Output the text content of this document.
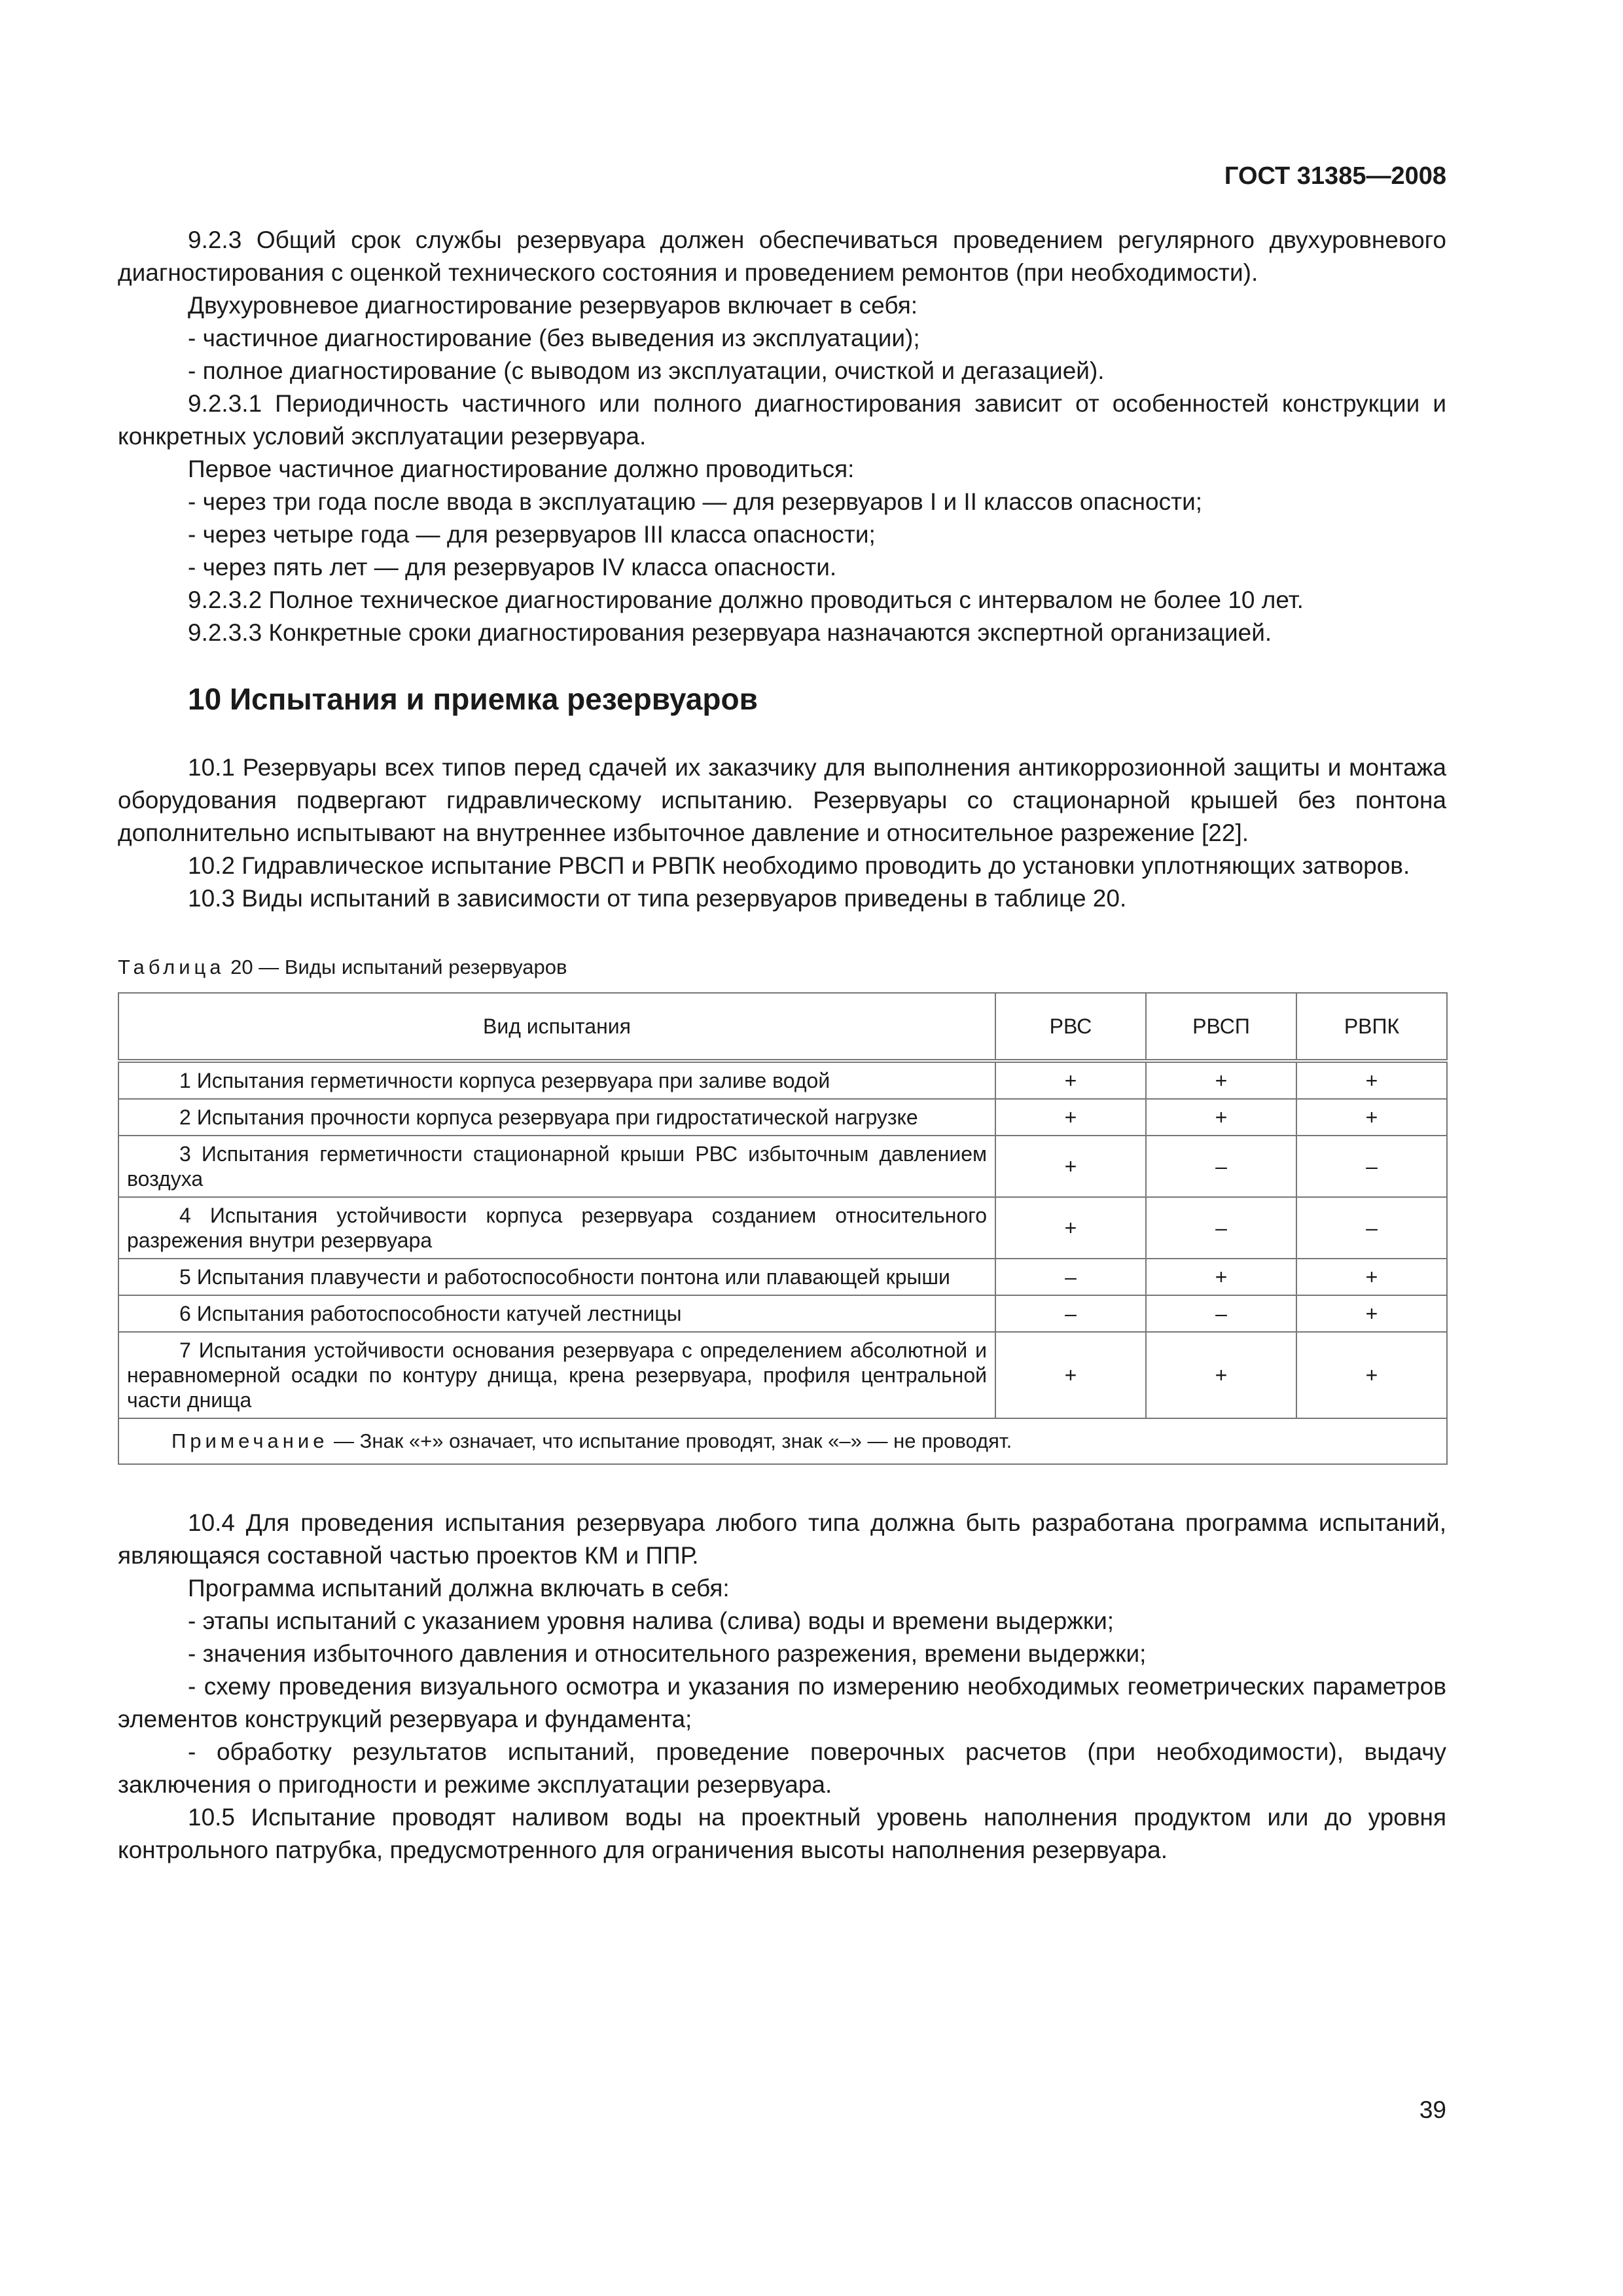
ГОСТ 31385—2008
9.2.3 Общий срок службы резервуара должен обеспечиваться проведением регулярного двухуровневого диагностирования с оценкой технического состояния и проведением ремонтов (при необходимости).
Двухуровневое диагностирование резервуаров включает в себя:
- частичное диагностирование (без выведения из эксплуатации);
- полное диагностирование (с выводом из эксплуатации, очисткой и дегазацией).
9.2.3.1 Периодичность частичного или полного диагностирования зависит от особенностей конструкции и конкретных условий эксплуатации резервуара.
Первое частичное диагностирование должно проводиться:
- через три года после ввода в эксплуатацию — для резервуаров I и II классов опасности;
- через четыре года — для резервуаров III класса опасности;
- через пять лет — для резервуаров IV класса опасности.
9.2.3.2 Полное техническое диагностирование должно проводиться с интервалом не более 10 лет.
9.2.3.3 Конкретные сроки диагностирования резервуара назначаются экспертной организацией.
10 Испытания и приемка резервуаров
10.1 Резервуары всех типов перед сдачей их заказчику для выполнения антикоррозионной защиты и монтажа оборудования подвергают гидравлическому испытанию. Резервуары со стационарной крышей без понтона дополнительно испытывают на внутреннее избыточное давление и относительное разрежение [22].
10.2 Гидравлическое испытание РВСП и РВПК необходимо проводить до установки уплотняющих затворов.
10.3 Виды испытаний в зависимости от типа резервуаров приведены в таблице 20.
Таблица 20 — Виды испытаний резервуаров
Вид испытания	РВС	РВСП	РВПК
1 Испытания герметичности корпуса резервуара при заливе водой	+	+	+
2 Испытания прочности корпуса резервуара при гидростатической нагрузке	+	+	+
3 Испытания герметичности стационарной крыши РВС избыточным давлением воздуха	+	–	–
4 Испытания устойчивости корпуса резервуара созданием относительного разрежения внутри резервуара	+	–	–
5 Испытания плавучести и работоспособности понтона или плавающей крыши	–	+	+
6 Испытания работоспособности катучей лестницы	–	–	+
7 Испытания устойчивости основания резервуара с определением абсолютной и неравномерной осадки по контуру днища, крена резервуара, профиля центральной части днища	+	+	+
Примечание — Знак «+» означает, что испытание проводят, знак «–» — не проводят.			
10.4 Для проведения испытания резервуара любого типа должна быть разработана программа испытаний, являющаяся составной частью проектов КМ и ППР.
Программа испытаний должна включать в себя:
- этапы испытаний с указанием уровня налива (слива) воды и времени выдержки;
- значения избыточного давления и относительного разрежения, времени выдержки;
- схему проведения визуального осмотра и указания по измерению необходимых геометрических параметров элементов конструкций резервуара и фундамента;
- обработку результатов испытаний, проведение поверочных расчетов (при необходимости), выдачу заключения о пригодности и режиме эксплуатации резервуара.
10.5 Испытание проводят наливом воды на проектный уровень наполнения продуктом или до уровня контрольного патрубка, предусмотренного для ограничения высоты наполнения резервуара.
39
